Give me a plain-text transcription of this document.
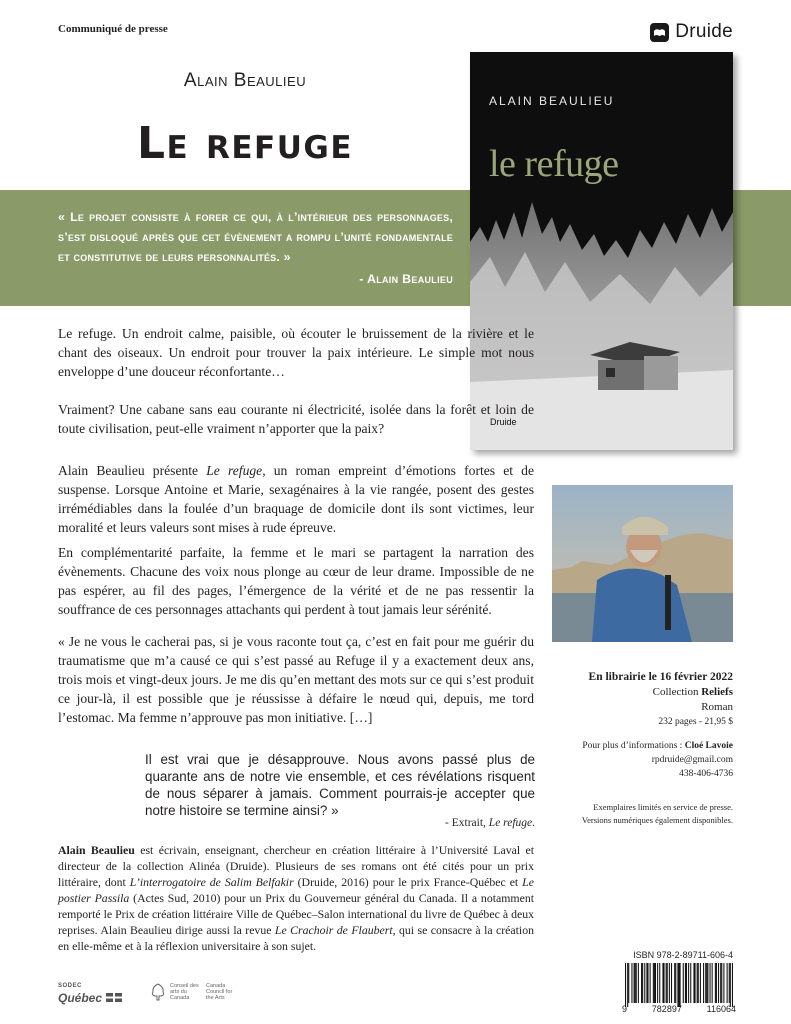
Communiqué de presse	Druide
Alain Beaulieu
Le refuge
« Le projet consiste à forer ce qui, à l’intérieur des personnages, s’est disloqué après que cet évènement a rompu l’unité fondamentale et constitutive de leurs personnalités. »
- Alain Beaulieu
ALAIN BEAULIEU
le refuge
Druide

Le refuge. Un endroit calme, paisible, où écouter le bruissement de la rivière et le chant des oiseaux. Un endroit pour trouver la paix intérieure. Le simple mot nous enveloppe d’une douceur réconfortante…

Vraiment? Une cabane sans eau courante ni électricité, isolée dans la forêt et loin de toute civilisation, peut-elle vraiment n’apporter que la paix?

Alain Beaulieu présente Le refuge, un roman empreint d’émotions fortes et de suspense. Lorsque Antoine et Marie, sexagénaires à la vie rangée, posent des gestes irrémédiables dans la foulée d’un braquage de domicile dont ils sont victimes, leur moralité et leurs valeurs sont mises à rude épreuve.

En complémentarité parfaite, la femme et le mari se partagent la narration des évènements. Chacune des voix nous plonge au cœur de leur drame. Impossible de ne pas espérer, au fil des pages, l’émergence de la vérité et de ne pas ressentir la souffrance de ces personnages attachants qui perdent à tout jamais leur sérénité.

« Je ne vous le cacherai pas, si je vous raconte tout ça, c’est en fait pour me guérir du traumatisme que m’a causé ce qui s’est passé au Refuge il y a exactement deux ans, trois mois et vingt-deux jours. Je me dis qu’en mettant des mots sur ce qui s’est produit ce jour-là, il est possible que je réussisse à défaire le nœud qui, depuis, me tord l’estomac. Ma femme n’approuve pas mon initiative. […]

Il est vrai que je désapprouve. Nous avons passé plus de quarante ans de notre vie ensemble, et ces révélations risquent de nous séparer à jamais. Comment pourrais-je accepter que notre histoire se termine ainsi? »

- Extrait, Le refuge.

Alain Beaulieu est écrivain, enseignant, chercheur en création littéraire à l’Université Laval et directeur de la collection Alinéa (Druide). Plusieurs de ses romans ont été cités pour un prix littéraire, dont L’interrogatoire de Salim Belfakir (Druide, 2016) pour le prix France-Québec et Le postier Passila (Actes Sud, 2010) pour un Prix du Gouverneur général du Canada. Il a notamment remporté le Prix de création littéraire Ville de Québec–Salon international du livre de Québec à deux reprises. Alain Beaulieu dirige aussi la revue Le Crachoir de Flaubert, qui se consacre à la création en elle-même et à la réflexion universitaire à son sujet.

En librairie le 16 février 2022
Collection Reliefs
Roman
232 pages - 21,95 $
Pour plus d’informations : Cloé Lavoie
rpdruide@gmail.com
438-406-4736
Exemplaires limités en service de presse.
Versions numériques également disponibles.
ISBN 978-2-89711-606-4
9	782897	116064
SODEC
Québec
Conseil des arts du Canada
Canada Council for the Arts
